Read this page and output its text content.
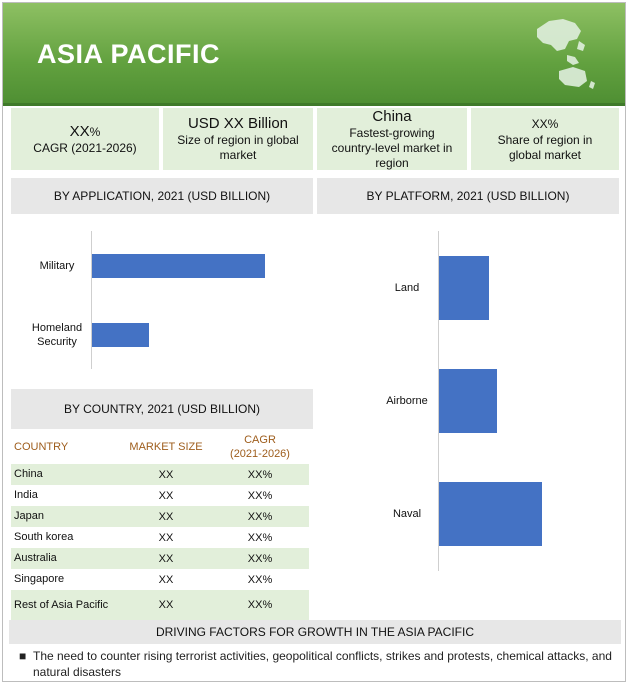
ASIA PACIFIC
XX%
CAGR (2021-2026)
USD XX Billion
Size of region in global market
China
Fastest-growing country-level market in region
XX%
Share of region in global market
BY APPLICATION, 2021 (USD BILLION)	BY PLATFORM, 2021 (USD BILLION)
Military
Homeland Security
Land
Airborne
Naval
BY COUNTRY, 2021 (USD BILLION)
COUNTRY	MARKET SIZE	CAGR (2021-2026)

China	XX	XX%
India	XX	XX%
Japan	XX	XX%
South korea	XX	XX%
Australia	XX	XX%
Singapore	XX	XX%
Rest of Asia Pacific	XX	XX%
DRIVING FACTORS FOR GROWTH IN THE ASIA PACIFIC
■ The need to counter rising terrorist activities, geopolitical conflicts, strikes and protests, chemical attacks, and natural disasters
